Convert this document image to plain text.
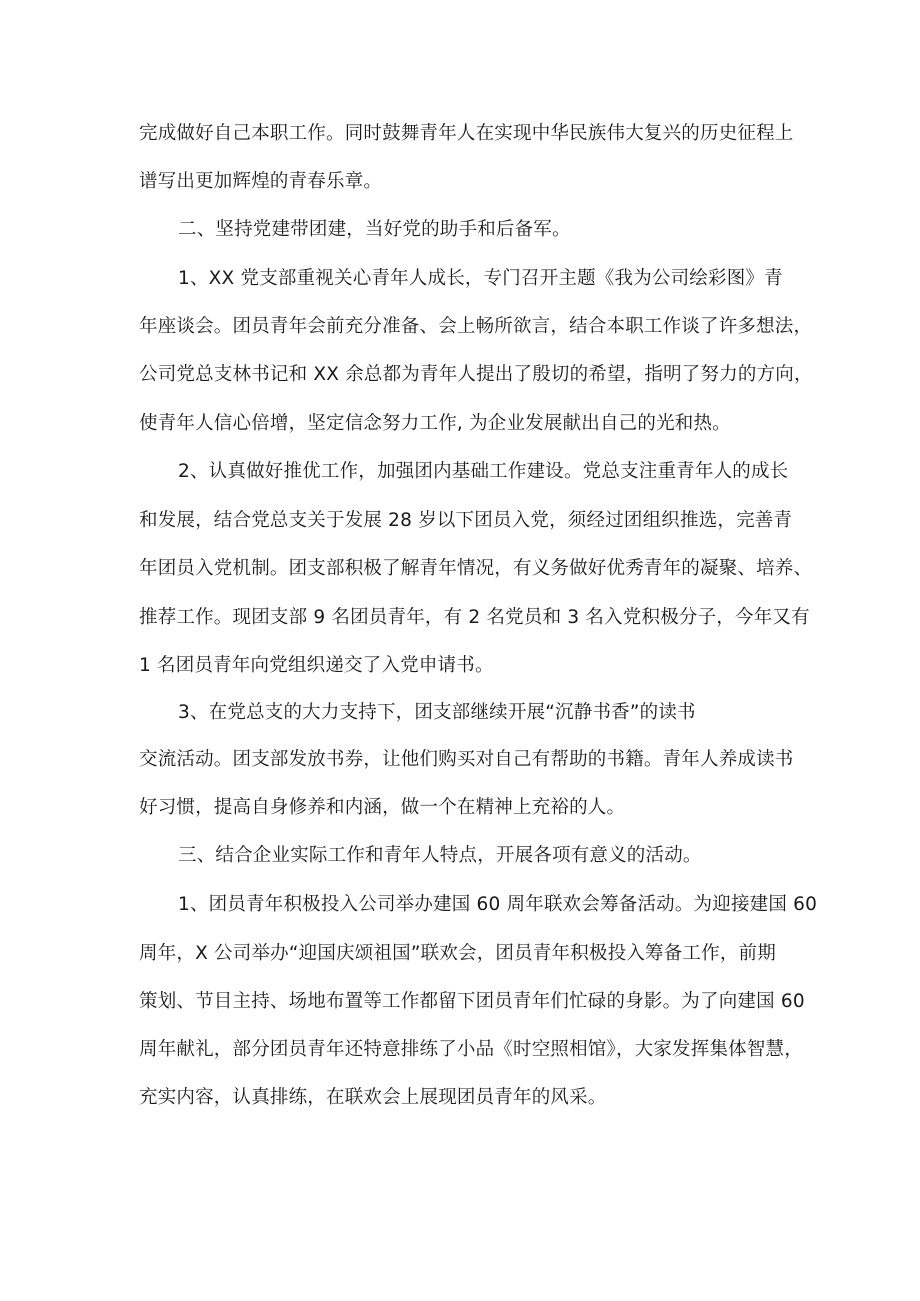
完成做好自己本职工作。同时鼓舞青年人在实现中华民族伟大复兴的历史征程上
谱写出更加辉煌的青春乐章。
二、坚持党建带团建，当好党的助手和后备军。
1、XX 党支部重视关心青年人成长，专门召开主题《我为公司绘彩图》青
年座谈会。团员青年会前充分准备、会上畅所欲言，结合本职工作谈了许多想法，
公司党总支林书记和 XX 余总都为青年人提出了殷切的希望，指明了努力的方向，
使青年人信心倍增，坚定信念努力工作, 为企业发展献出自己的光和热。
2、认真做好推优工作，加强团内基础工作建设。党总支注重青年人的成长
和发展，结合党总支关于发展 28 岁以下团员入党，须经过团组织推选，完善青
年团员入党机制。团支部积极了解青年情况，有义务做好优秀青年的凝聚、培养、
推荐工作。现团支部 9 名团员青年，有 2 名党员和 3 名入党积极分子，今年又有
1 名团员青年向党组织递交了入党申请书。
3、在党总支的大力支持下，团支部继续开展“沉静书香”的读书
交流活动。团支部发放书券，让他们购买对自己有帮助的书籍。青年人养成读书
好习惯，提高自身修养和内涵，做一个在精神上充裕的人。
三、结合企业实际工作和青年人特点，开展各项有意义的活动。
1、团员青年积极投入公司举办建国 60 周年联欢会筹备活动。为迎接建国 60
周年，X 公司举办“迎国庆颂祖国”联欢会，团员青年积极投入筹备工作，前期
策划、节目主持、场地布置等工作都留下团员青年们忙碌的身影。为了向建国 60
周年献礼，部分团员青年还特意排练了小品《时空照相馆》，大家发挥集体智慧，
充实内容，认真排练，在联欢会上展现团员青年的风采。
